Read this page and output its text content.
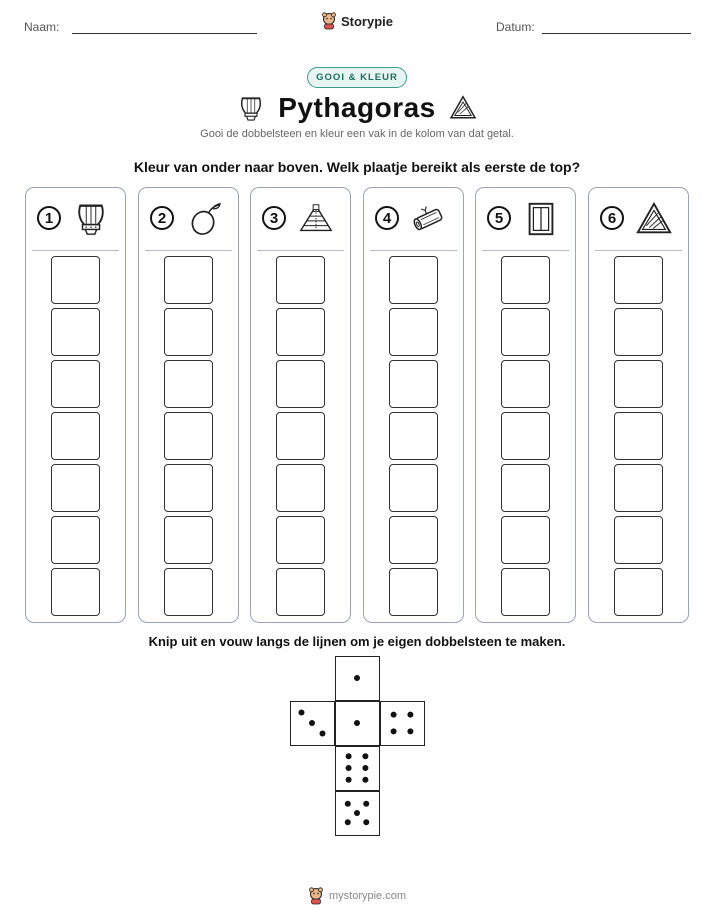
Naam:	Datum:
Storypie
GOOI & KLEUR
Pythagoras
Gooi de dobbelsteen en kleur een vak in de kolom van dat getal.
Kleur van onder naar boven. Welk plaatje bereikt als eerste de top?
1	2	3	4	5	6
Knip uit en vouw langs de lijnen om je eigen dobbelsteen te maken.
mystorypie.com
